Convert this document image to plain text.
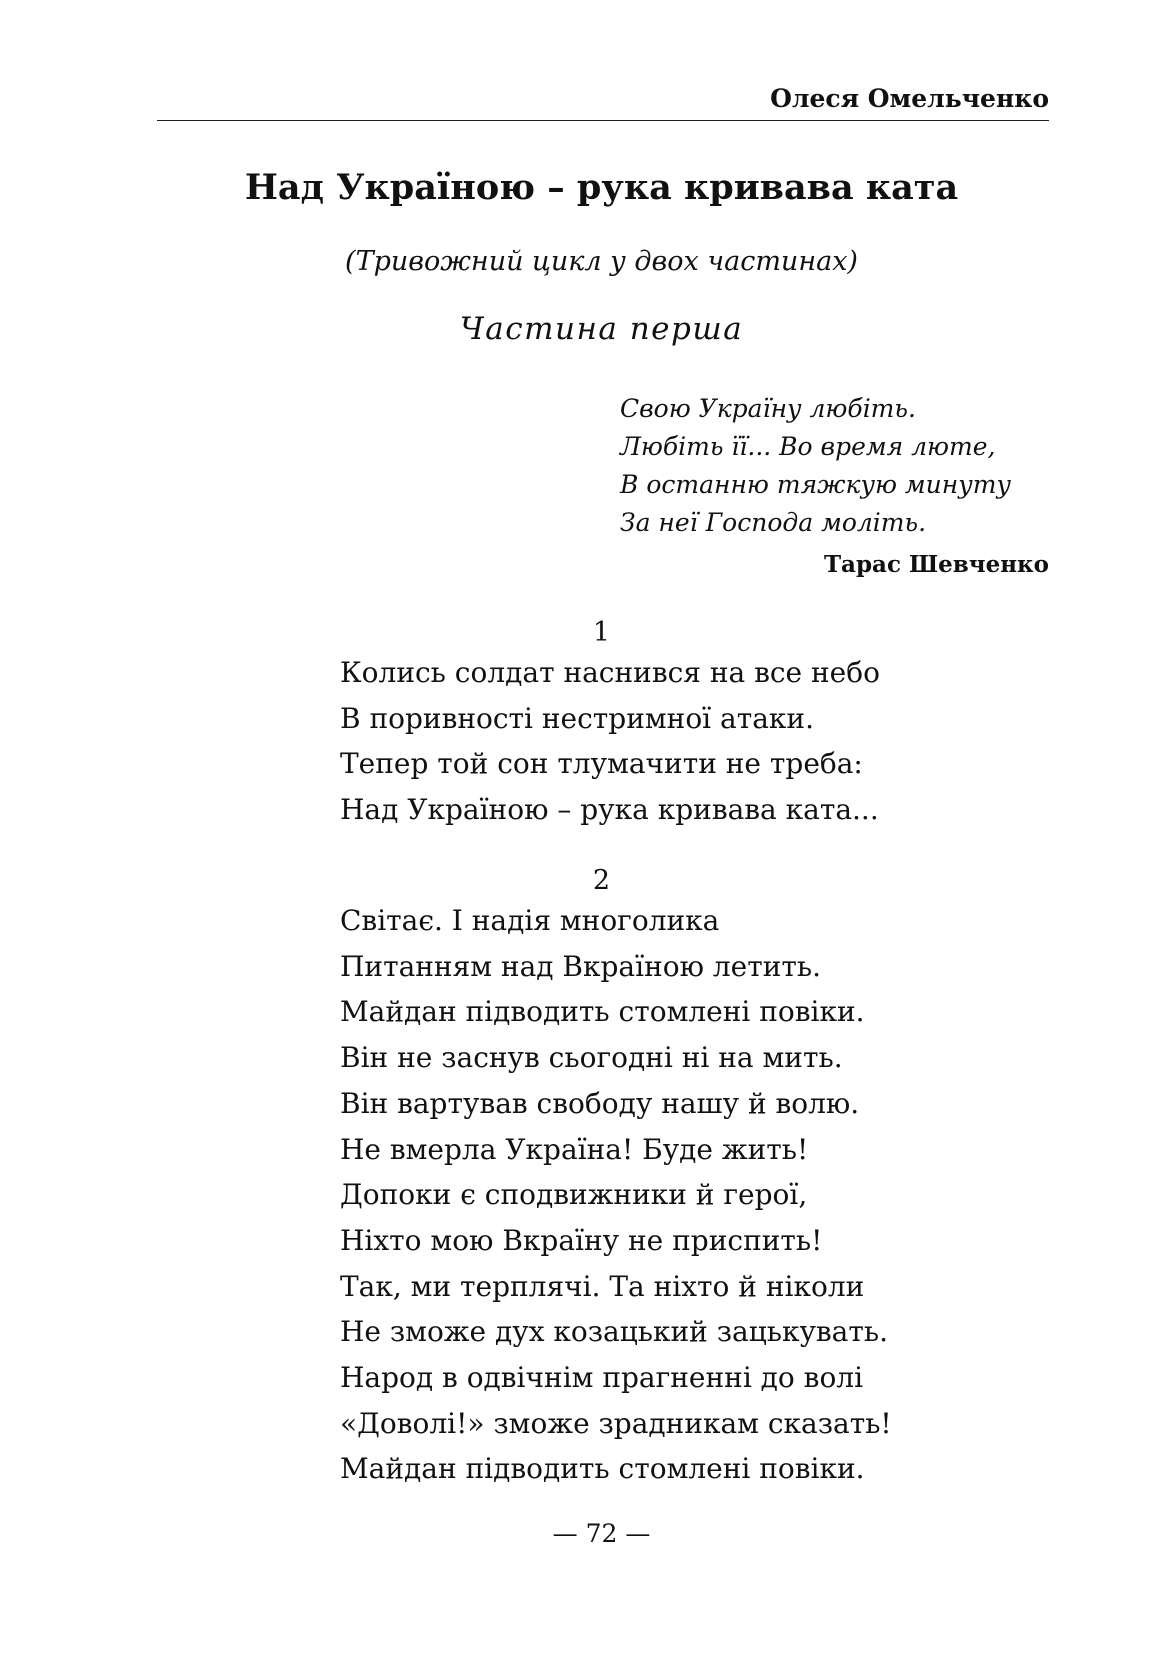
Олеся Омельченко
Над Україною – рука кривава ката
(Тривожний цикл у двох частинах)
Частина перша
Свою Україну любіть.
Любіть її... Во время люте,
В останню тяжкую минуту
За неї Господа моліть.
Тарас Шевченко
1
Колись солдат наснився на все небо
В поривності нестримної атаки.
Тепер той сон тлумачити не треба:
Над Україною – рука кривава ката...
2
Світає. І надія многолика
Питанням над Вкраїною летить.
Майдан підводить стомлені повіки.
Він не заснув сьогодні ні на мить.
Він вартував свободу нашу й волю.
Не вмерла Україна! Буде жить!
Допоки є сподвижники й герої,
Ніхто мою Вкраїну не приспить!
Так, ми терплячі. Та ніхто й ніколи
Не зможе дух козацький зацькувать.
Народ в одвічнім прагненні до волі
«Доволі!» зможе зрадникам сказать!
Майдан підводить стомлені повіки.
— 72 —
